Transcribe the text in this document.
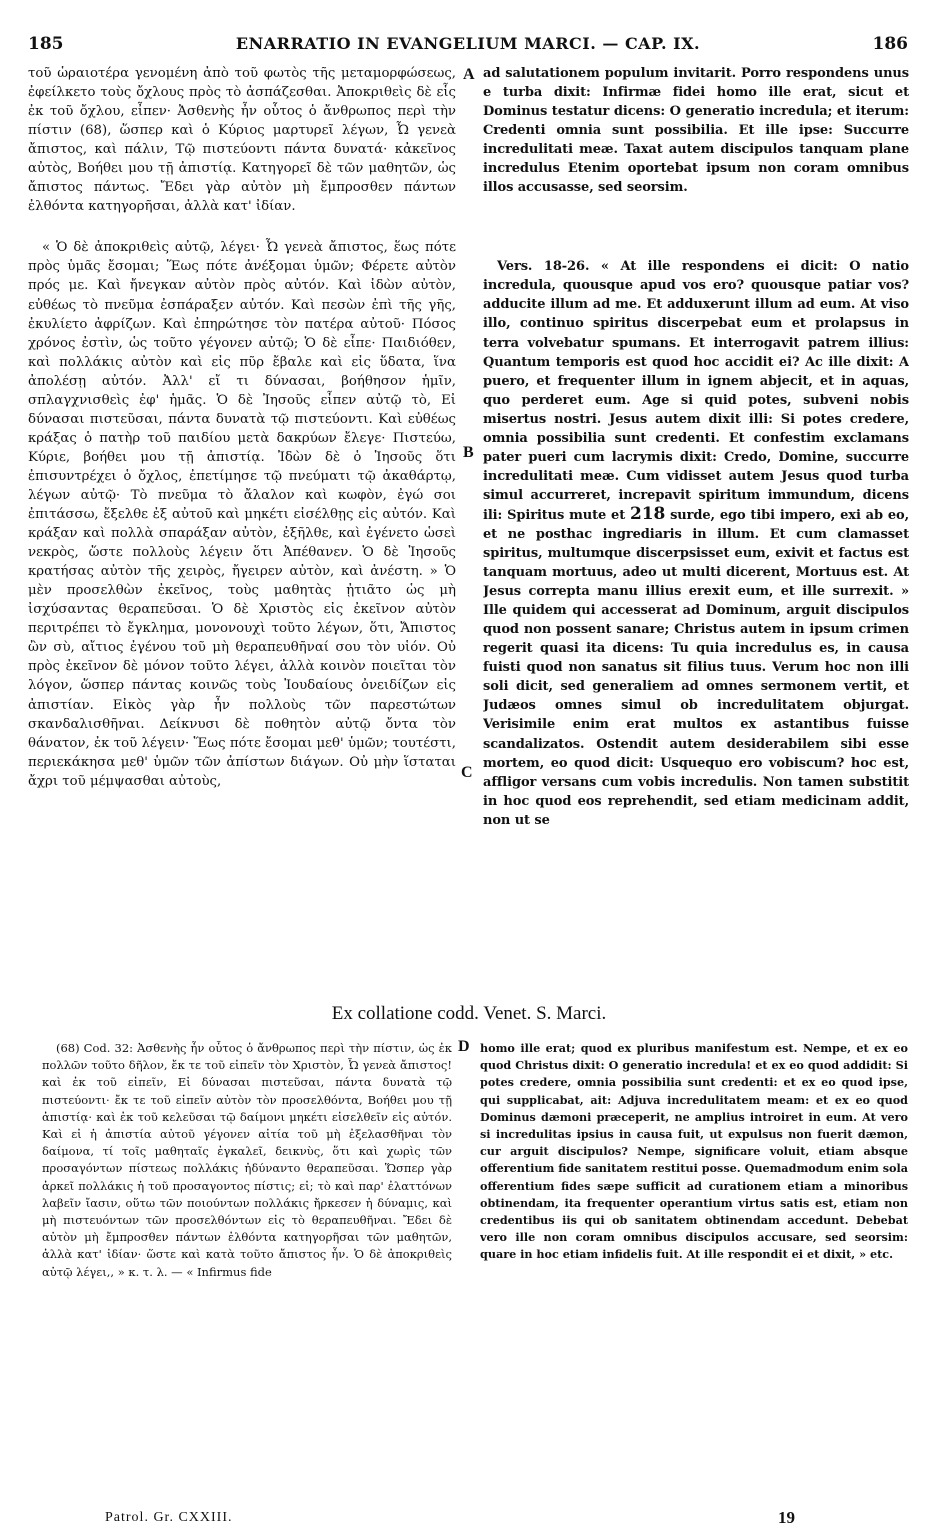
185	ENARRATIO IN EVANGELIUM MARCI. — CAP. IX.	186

τοῦ ὡραιοτέρα γενομένη ἀπὸ τοῦ φωτὸς τῆς μεταμορφώσεως, ἐφείλκετο τοὺς ὄχλους πρὸς τὸ ἀσπάζεσθαι. Ἀποκριθεὶς δὲ εἷς ἐκ τοῦ ὄχλου, εἶπεν· Ἀσθενὴς ἦν οὗτος ὁ ἄνθρωπος περὶ τὴν πίστιν (68), ὥσπερ καὶ ὁ Κύριος μαρτυρεῖ λέγων, Ὦ γενεὰ ἄπιστος, καὶ πάλιν, Τῷ πιστεύοντι πάντα δυνατά· κἀκεῖνος αὐτὸς, Βοήθει μου τῇ ἀπιστίᾳ. Κατηγορεῖ δὲ τῶν μαθητῶν, ὡς ἄπιστος πάντως. Ἔδει γὰρ αὐτὸν μὴ ἔμπροσθεν πάντων ἐλθόντα κατηγορῆσαι, ἀλλὰ κατ' ἰδίαν.

« Ὁ δὲ ἀποκριθεὶς αὐτῷ, λέγει· Ὦ γενεὰ ἄπιστος, ἕως πότε πρὸς ὑμᾶς ἔσομαι; Ἕως πότε ἀνέξομαι ὑμῶν; Φέρετε αὐτὸν πρός με. Καὶ ἤνεγκαν αὐτὸν πρὸς αὐτόν. Καὶ ἰδὼν αὐτὸν, εὐθέως τὸ πνεῦμα ἐσπάραξεν αὐτόν. Καὶ πεσὼν ἐπὶ τῆς γῆς, ἐκυλίετο ἀφρίζων. Καὶ ἐπηρώτησε τὸν πατέρα αὐτοῦ· Πόσος χρόνος ἐστὶν, ὡς τοῦτο γέγονεν αὐτῷ; Ὁ δὲ εἶπε· Παιδιόθεν, καὶ πολλάκις αὐτὸν καὶ εἰς πῦρ ἔβαλε καὶ εἰς ὕδατα, ἵνα ἀπολέσῃ αὐτόν. Ἀλλ' εἴ τι δύνασαι, βοήθησον ἡμῖν, σπλαγχνισθεὶς ἐφ' ἡμᾶς. Ὁ δὲ Ἰησοῦς εἶπεν αὐτῷ τὸ, Εἰ δύνασαι πιστεῦσαι, πάντα δυνατὰ τῷ πιστεύοντι. Καὶ εὐθέως κράξας ὁ πατὴρ τοῦ παιδίου μετὰ δακρύων ἔλεγε· Πιστεύω, Κύριε, βοήθει μου τῇ ἀπιστίᾳ. Ἰδὼν δὲ ὁ Ἰησοῦς ὅτι ἐπισυντρέχει ὁ ὄχλος, ἐπετίμησε τῷ πνεύματι τῷ ἀκαθάρτῳ, λέγων αὐτῷ· Τὸ πνεῦμα τὸ ἄλαλον καὶ κωφὸν, ἐγώ σοι ἐπιτάσσω, ἔξελθε ἐξ αὐτοῦ καὶ μηκέτι εἰσέλθῃς εἰς αὐτόν. Καὶ κράξαν καὶ πολλὰ σπαράξαν αὐτὸν, ἐξῆλθε, καὶ ἐγένετο ὡσεὶ νεκρὸς, ὥστε πολλοὺς λέγειν ὅτι Ἀπέθανεν. Ὁ δὲ Ἰησοῦς κρατήσας αὐτὸν τῆς χειρὸς, ἤγειρεν αὐτὸν, καὶ ἀνέστη. » Ὁ μὲν προσελθὼν ἐκεῖνος, τοὺς μαθητὰς ᾐτιᾶτο ὡς μὴ ἰσχύσαντας θεραπεῦσαι. Ὁ δὲ Χριστὸς εἰς ἐκεῖνον αὐτὸν περιτρέπει τὸ ἔγκλημα, μονονουχὶ τοῦτο λέγων, ὅτι, Ἄπιστος ὢν σὺ, αἴτιος ἐγένου τοῦ μὴ θεραπευθῆναί σου τὸν υἱόν. Οὐ πρὸς ἐκεῖνον δὲ μόνον τοῦτο λέγει, ἀλλὰ κοινὸν ποιεῖται τὸν λόγον, ὥσπερ πάντας κοινῶς τοὺς Ἰουδαίους ὀνειδίζων εἰς ἀπιστίαν. Εἰκὸς γὰρ ἦν πολλοὺς τῶν παρεστώτων σκανδαλισθῆναι. Δείκνυσι δὲ ποθητὸν αὐτῷ ὄντα τὸν θάνατον, ἐκ τοῦ λέγειν· Ἕως πότε ἔσομαι μεθ' ὑμῶν; τουτέστι, περιεκάκησα μεθ' ὑμῶν τῶν ἀπίστων διάγων. Οὐ μὴν ἵσταται ἄχρι τοῦ μέμψασθαι αὐτοὺς,

A
B
C
D

ad salutationem populum invitarit. Porro respondens unus e turba dixit: Infirmæ fidei homo ille erat, sicut et Dominus testatur dicens: O generatio incredula; et iterum: Credenti omnia sunt possibilia. Et ille ipse: Succurre incredulitati meæ. Taxat autem discipulos tanquam plane incredulus Etenim oportebat ipsum non coram omnibus illos accusasse, sed seorsim.

Vers. 18-26. « At ille respondens ei dicit: O natio incredula, quousque apud vos ero? quousque patiar vos? adducite illum ad me. Et adduxerunt illum ad eum. At viso illo, continuo spiritus discerpebat eum et prolapsus in terra volvebatur spumans. Et interrogavit patrem illius: Quantum temporis est quod hoc accidit ei? Ac ille dixit: A puero, et frequenter illum in ignem abjecit, et in aquas, quo perderet eum. Age si quid potes, subveni nobis misertus nostri. Jesus autem dixit illi: Si potes credere, omnia possibilia sunt credenti. Et confestim exclamans pater pueri cum lacrymis dixit: Credo, Domine, succurre incredulitati meæ. Cum vidisset autem Jesus quod turba simul accurreret, increpavit spiritum immundum, dicens ili: Spiritus mute et 218 surde, ego tibi impero, exi ab eo, et ne posthac ingrediaris in illum. Et cum clamasset spiritus, multumque discerpsisset eum, exivit et factus est tanquam mortuus, adeo ut multi dicerent, Mortuus est. At Jesus correpta manu illius erexit eum, et ille surrexit. » Ille quidem qui accesserat ad Dominum, arguit discipulos quod non possent sanare; Christus autem in ipsum crimen regerit quasi ita dicens: Tu quia incredulus es, in causa fuisti quod non sanatus sit filius tuus. Verum hoc non illi soli dicit, sed generaliem ad omnes sermonem vertit, et Judæos omnes simul ob incredulitatem objurgat. Verisimile enim erat multos ex astantibus fuisse scandalizatos. Ostendit autem desiderabilem sibi esse mortem, eo quod dicit: Usquequo ero vobiscum? hoc est, affligor versans cum vobis incredulis. Non tamen substitit in hoc quod eos reprehendit, sed etiam medicinam addit, non ut se

Ex collatione codd. Venet. S. Marci.

(68) Cod. 32: Ἀσθενὴς ἦν οὗτος ὁ ἄνθρωπος περὶ τὴν πίστιν, ὡς ἐκ πολλῶν τοῦτο δῆλον, ἔκ τε τοῦ εἰπεῖν τὸν Χριστὸν, Ὦ γενεὰ ἄπιστος! καὶ ἐκ τοῦ εἰπεῖν, Εἰ δύνασαι πιστεῦσαι, πάντα δυνατὰ τῷ πιστεύοντι· ἔκ τε τοῦ εἰπεῖν αὐτὸν τὸν προσελθόντα, Βοήθει μου τῇ ἀπιστίᾳ· καὶ ἐκ τοῦ κελεῦσαι τῷ δαίμονι μηκέτι εἰσελθεῖν εἰς αὐτόν. Καὶ εἰ ἡ ἀπιστία αὐτοῦ γέγονεν αἰτία τοῦ μὴ ἐξελασθῆναι τὸν δαίμονα, τί τοῖς μαθηταῖς ἐγκαλεῖ, δεικνὺς, ὅτι καὶ χωρὶς τῶν προσαγόντων πίστεως πολλάκις ἠδύναντο θεραπεῦσαι. Ὥσπερ γὰρ ἀρκεῖ πολλάκις ἡ τοῦ προσαγοντος πίστις; εἰ; τὸ καὶ παρ' ἐλαττόνων λαβεῖν ἴασιν, οὕτω τῶν ποιούντων πολλάκις ἤρκεσεν ἡ δύναμις, καὶ μὴ πιστευόντων τῶν προσελθόντων εἰς τὸ θεραπευθῆναι. Ἔδει δὲ αὐτὸν μὴ ἔμπροσθεν πάντων ἐλθόντα κατηγορῆσαι τῶν μαθητῶν, ἀλλὰ κατ' ἰδίαν· ὥστε καὶ κατὰ τοῦτο ἄπιστος ἦν. Ὁ δὲ ἀποκριθεὶς αὐτῷ λέγει,, » κ. τ. λ. — « Infirmus fide

homo ille erat; quod ex pluribus manifestum est. Nempe, et ex eo quod Christus dixit: O generatio incredula! et ex eo quod addidit: Si potes credere, omnia possibilia sunt credenti: et ex eo quod ipse, qui supplicabat, ait: Adjuva incredulitatem meam: et ex eo quod Dominus dæmoni præceperit, ne amplius introiret in eum. At vero si incredulitas ipsius in causa fuit, ut expulsus non fuerit dæmon, cur arguit discipulos? Nempe, significare voluit, etiam absque offerentium fide sanitatem restitui posse. Quemadmodum enim sola offerentium fides sæpe sufficit ad curationem etiam a minoribus obtinendam, ita frequenter operantium virtus satis est, etiam non credentibus iis qui ob sanitatem obtinendam accedunt. Debebat vero ille non coram omnibus discipulos accusare, sed seorsim: quare in hoc etiam infidelis fuit. At ille respondit ei et dixit, » etc.

Patrol. Gr. CXXIII.	19
